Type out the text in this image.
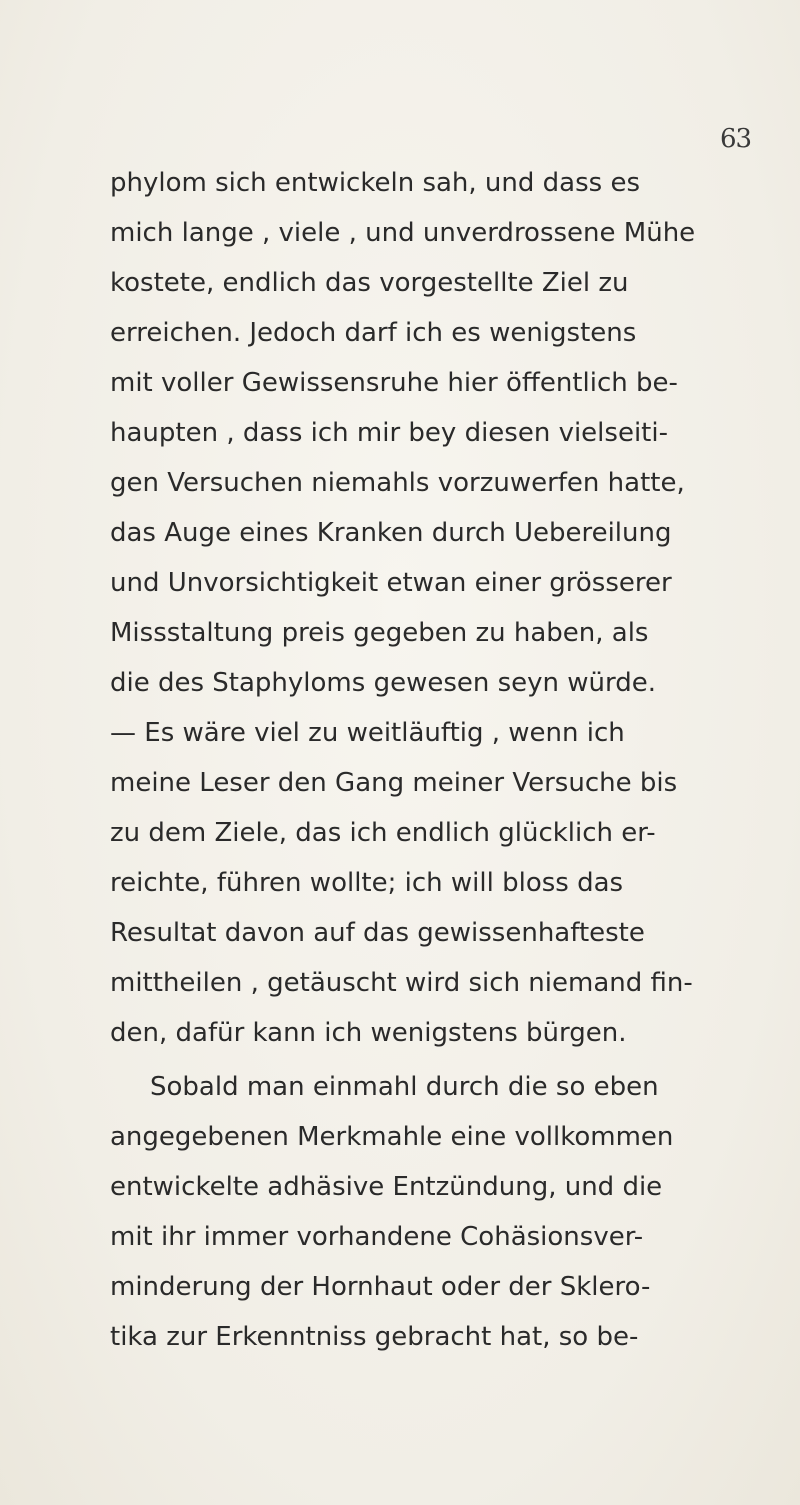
63
phylom sich entwickeln sah, und dass es
mich lange , viele , und unverdrossene Mühe
kostete, endlich das vorgestellte Ziel zu
erreichen. Jedoch darf ich es wenigstens
mit voller Gewissensruhe hier öffentlich be-
haupten , dass ich mir bey diesen vielseiti-
gen Versuchen niemahls vorzuwerfen hatte,
das Auge eines Kranken durch Uebereilung
und Unvorsichtigkeit etwan einer grösserer
Missstaltung preis gegeben zu haben, als
die des Staphyloms gewesen seyn würde.
— Es wäre viel zu weitläuftig , wenn ich
meine Leser den Gang meiner Versuche bis
zu dem Ziele, das ich endlich glücklich er-
reichte, führen wollte; ich will bloss das
Resultat davon auf das gewissenhafteste
mittheilen , getäuscht wird sich niemand fin-
den, dafür kann ich wenigstens bürgen.
Sobald man einmahl durch die so eben
angegebenen Merkmahle eine vollkommen
entwickelte adhäsive Entzündung, und die
mit ihr immer vorhandene Cohäsionsver-
minderung der Hornhaut oder der Sklero-
tika zur Erkenntniss gebracht hat, so be-
